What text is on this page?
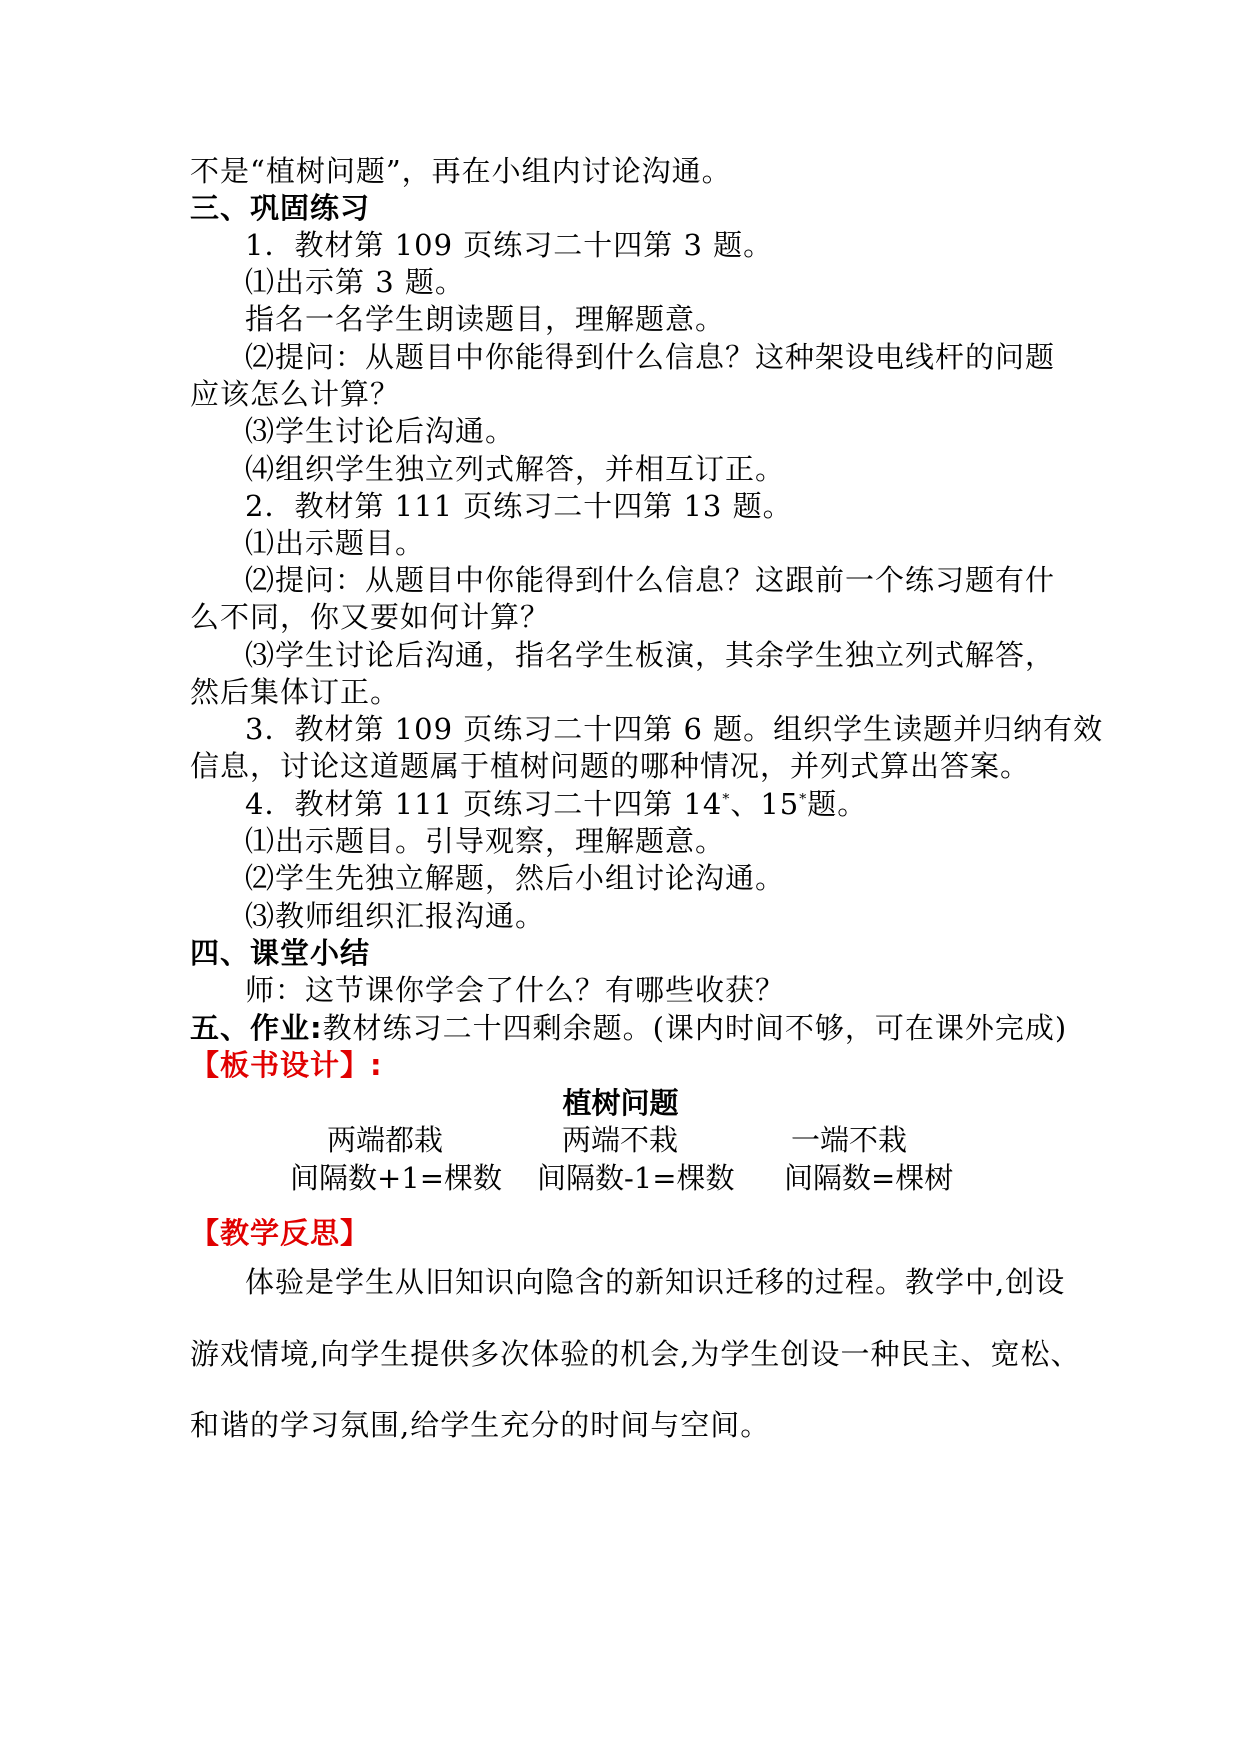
不是“植树问题”，再在小组内讨论沟通。
三、巩固练习
1．教材第 109 页练习二十四第 3 题。
⑴出示第 3 题。
指名一名学生朗读题目，理解题意。
⑵提问：从题目中你能得到什么信息？这种架设电线杆的问题
应该怎么计算？
⑶学生讨论后沟通。
⑷组织学生独立列式解答，并相互订正。
2．教材第 111 页练习二十四第 13 题。
⑴出示题目。
⑵提问：从题目中你能得到什么信息？这跟前一个练习题有什
么不同，你又要如何计算？
⑶学生讨论后沟通，指名学生板演，其余学生独立列式解答，
然后集体订正。
3．教材第 109 页练习二十四第 6 题。组织学生读题并归纳有效
信息，讨论这道题属于植树问题的哪种情况，并列式算出答案。
4．教材第 111 页练习二十四第 14*、15*题。
⑴出示题目。引导观察，理解题意。
⑵学生先独立解题，然后小组讨论沟通。
⑶教师组织汇报沟通。
四、课堂小结
师：这节课你学会了什么？有哪些收获？
五、作业:教材练习二十四剩余题。(课内时间不够，可在课外完成)
【板书设计】:
植树问题
两端都栽	两端不栽	一端不栽
间隔数+1=棵数 间隔数-1=棵数 间隔数=棵树
【教学反思】
体验是学生从旧知识向隐含的新知识迁移的过程。教学中,创设
游戏情境,向学生提供多次体验的机会,为学生创设一种民主、宽松、
和谐的学习氛围,给学生充分的时间与空间。
